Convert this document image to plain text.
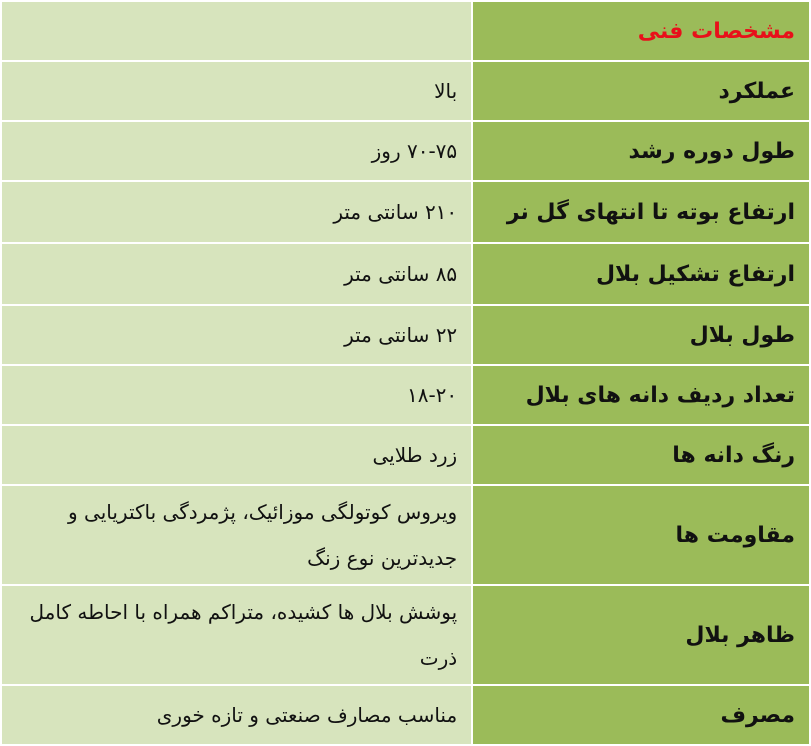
مشخصات فنی	
عملکرد	بالا
طول دوره رشد	۷۰-۷۵ روز
ارتفاع بوته تا انتهای گل نر	۲۱۰ سانتی متر
ارتفاع تشکیل بلال	۸۵ سانتی متر
طول بلال	۲۲ سانتی متر
تعداد ردیف دانه های بلال	۱۸-۲۰
رنگ دانه ها	زرد طلایی
مقاومت ها	ویروس کوتولگی موزائیک، پژمردگی باکتریایی و جدیدترین نوع زنگ
ظاهر بلال	پوشش بلال ها کشیده، متراکم همراه با احاطه کامل ذرت
مصرف	مناسب مصارف صنعتی و تازه خوری
